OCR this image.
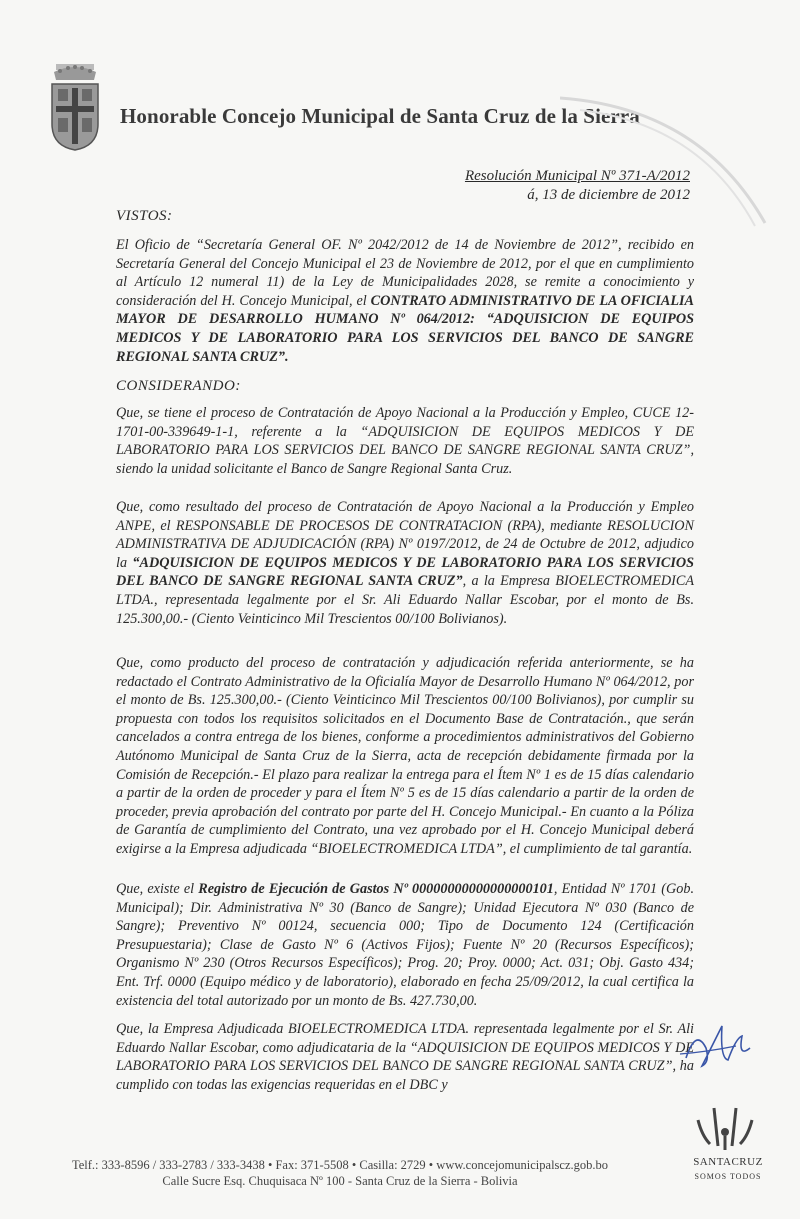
Honorable Concejo Municipal de Santa Cruz de la Sierra
Resolución Municipal Nº 371-A/2012
á, 13 de diciembre de 2012
VISTOS:
El Oficio de “Secretaría General OF. Nº 2042/2012 de 14 de Noviembre de 2012”, recibido en Secretaría General del Concejo Municipal el 23 de Noviembre de 2012, por el que en cumplimiento al Artículo 12 numeral 11) de la Ley de Municipalidades 2028, se remite a conocimiento y consideración del H. Concejo Municipal, el CONTRATO ADMINISTRATIVO DE LA OFICIALIA MAYOR DE DESARROLLO HUMANO Nº 064/2012: “ADQUISICION DE EQUIPOS MEDICOS Y DE LABORATORIO PARA LOS SERVICIOS DEL BANCO DE SANGRE REGIONAL SANTA CRUZ”.
CONSIDERANDO:
Que, se tiene el proceso de Contratación de Apoyo Nacional a la Producción y Empleo, CUCE 12-1701-00-339649-1-1, referente a la “ADQUISICION DE EQUIPOS MEDICOS Y DE LABORATORIO PARA LOS SERVICIOS DEL BANCO DE SANGRE REGIONAL SANTA CRUZ”, siendo la unidad solicitante el Banco de Sangre Regional Santa Cruz.
Que, como resultado del proceso de Contratación de Apoyo Nacional a la Producción y Empleo ANPE, el RESPONSABLE DE PROCESOS DE CONTRATACION (RPA), mediante RESOLUCION ADMINISTRATIVA DE ADJUDICACIÓN (RPA) Nº 0197/2012, de 24 de Octubre de 2012, adjudico la “ADQUISICION DE EQUIPOS MEDICOS Y DE LABORATORIO PARA LOS SERVICIOS DEL BANCO DE SANGRE REGIONAL SANTA CRUZ”, a la Empresa BIOELECTROMEDICA LTDA., representada legalmente por el Sr. Ali Eduardo Nallar Escobar, por el monto de Bs. 125.300,00.- (Ciento Veinticinco Mil Trescientos 00/100 Bolivianos).
Que, como producto del proceso de contratación y adjudicación referida anteriormente, se ha redactado el Contrato Administrativo de la Oficialía Mayor de Desarrollo Humano Nº 064/2012, por el monto de Bs. 125.300,00.- (Ciento Veinticinco Mil Trescientos 00/100 Bolivianos), por cumplir su propuesta con todos los requisitos solicitados en el Documento Base de Contratación., que serán cancelados a contra entrega de los bienes, conforme a procedimientos administrativos del Gobierno Autónomo Municipal de Santa Cruz de la Sierra, acta de recepción debidamente firmada por la Comisión de Recepción.- El plazo para realizar la entrega para el Ítem Nº 1 es de 15 días calendario a partir de la orden de proceder y para el Ítem Nº 5 es de 15 días calendario a partir de la orden de proceder, previa aprobación del contrato por parte del H. Concejo Municipal.- En cuanto a la Póliza de Garantía de cumplimiento del Contrato, una vez aprobado por el H. Concejo Municipal deberá exigirse a la Empresa adjudicada “BIOELECTROMEDICA LTDA”, el cumplimiento de tal garantía.
Que, existe el Registro de Ejecución de Gastos Nº 00000000000000000101, Entidad Nº 1701 (Gob. Municipal); Dir. Administrativa Nº 30 (Banco de Sangre); Unidad Ejecutora Nº 030 (Banco de Sangre); Preventivo Nº 00124, secuencia 000; Tipo de Documento 124 (Certificación Presupuestaria); Clase de Gasto Nº 6 (Activos Fijos); Fuente Nº 20 (Recursos Específicos); Organismo Nº 230 (Otros Recursos Específicos); Prog. 20; Proy. 0000; Act. 031; Obj. Gasto 434; Ent. Trf. 0000 (Equipo médico y de laboratorio), elaborado en fecha 25/09/2012, la cual certifica la existencia del total autorizado por un monto de Bs. 427.730,00.
Que, la Empresa Adjudicada BIOELECTROMEDICA LTDA. representada legalmente por el Sr. Ali Eduardo Nallar Escobar, como adjudicataria de la “ADQUISICION DE EQUIPOS MEDICOS Y DE LABORATORIO PARA LOS SERVICIOS DEL BANCO DE SANGRE REGIONAL SANTA CRUZ”, ha cumplido con todas las exigencias requeridas en el DBC y
Telf.: 333-8596 / 333-2783 / 333-3438 • Fax: 371-5508 • Casilla: 2729 • www.concejomunicipalscz.gob.bo
Calle Sucre Esq. Chuquisaca Nº 100 - Santa Cruz de la Sierra - Bolivia
SANTACRUZ
SOMOS TODOS
